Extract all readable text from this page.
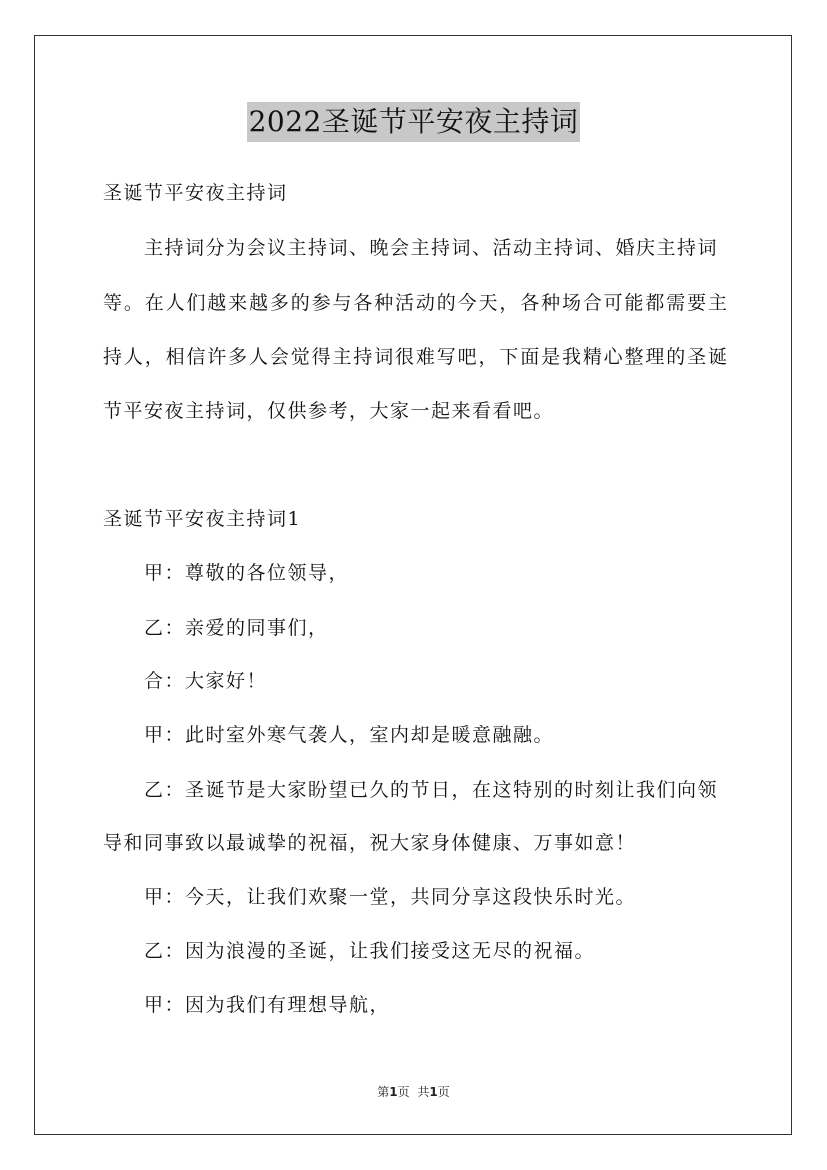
2022圣诞节平安夜主持词
圣诞节平安夜主持词
主持词分为会议主持词、晚会主持词、活动主持词、婚庆主持词
等。在人们越来越多的参与各种活动的今天，各种场合可能都需要主
持人，相信许多人会觉得主持词很难写吧，下面是我精心整理的圣诞
节平安夜主持词，仅供参考，大家一起来看看吧。
圣诞节平安夜主持词1
甲：尊敬的各位领导，
乙：亲爱的同事们，
合：大家好！
甲：此时室外寒气袭人，室内却是暖意融融。
乙：圣诞节是大家盼望已久的节日，在这特别的时刻让我们向领
导和同事致以最诚挚的祝福，祝大家身体健康、万事如意！
甲：今天，让我们欢聚一堂，共同分享这段快乐时光。
乙：因为浪漫的圣诞，让我们接受这无尽的祝福。
甲：因为我们有理想导航，
第1页 共1页
